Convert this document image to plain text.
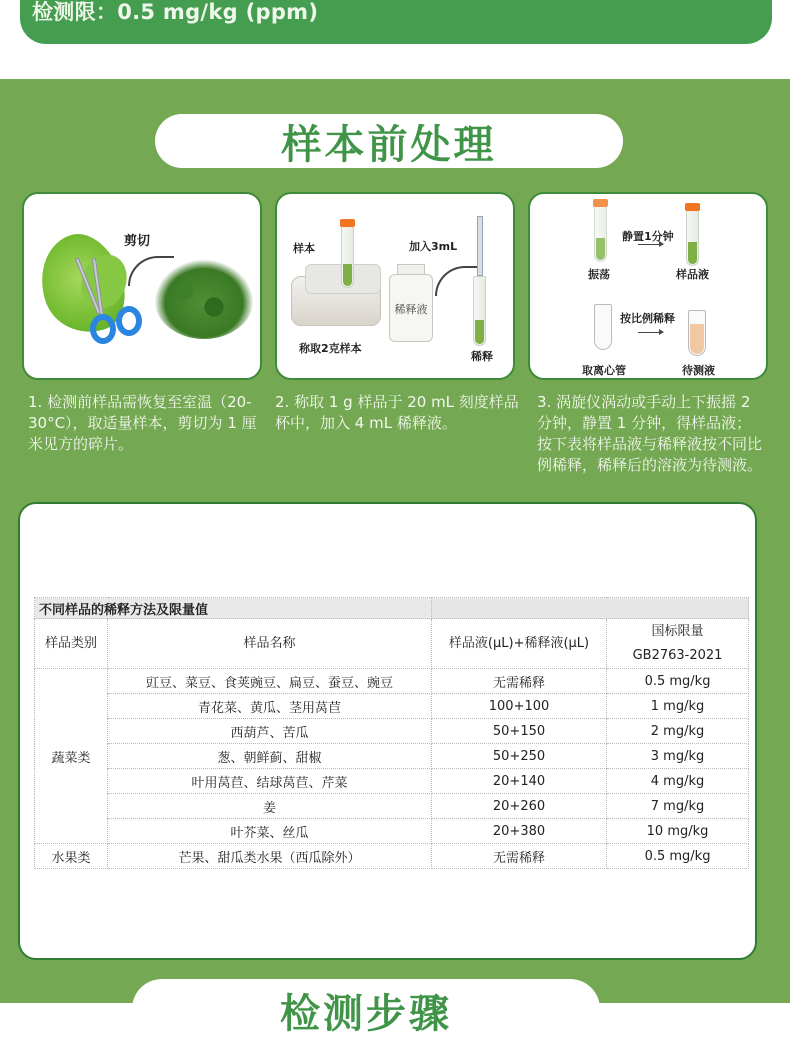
检测限：0.5 mg/kg (ppm)
样本前处理
剪切
稀释液
样本	加入3mL
称取2克样本
稀释
静置1分钟
振荡	样品液
按比例稀释
取离心管	待测液

1. 检测前样品需恢复至室温（20-30°C），取适量样本，剪切为 1 厘米见方的碎片。

2. 称取 1 g 样品于 20 mL 刻度样品杯中，加入 4 mL 稀释液。

3. 涡旋仪涡动或手动上下振摇 2 分钟，静置 1 分钟，得样品液；按下表将样品液与稀释液按不同比例稀释，稀释后的溶液为待测液。

不同样品的稀释方法及限量值			
样品类别	样品名称	样品液(μL)+稀释液(μL)	国标限量
GB2763-2021

蔬菜类	豇豆、菜豆、食荚豌豆、扁豆、蚕豆、豌豆	无需稀释	0.5 mg/kg
	青花菜、黄瓜、茎用莴苣	100+100	1 mg/kg
	西葫芦、苦瓜	50+150	2 mg/kg
	葱、朝鲜蓟、甜椒	50+250	3 mg/kg
	叶用莴苣、结球莴苣、芹菜	20+140	4 mg/kg
	姜	20+260	7 mg/kg
	叶芥菜、丝瓜	20+380	10 mg/kg
水果类	芒果、甜瓜类水果（西瓜除外）	无需稀释	0.5 mg/kg
检测步骤
